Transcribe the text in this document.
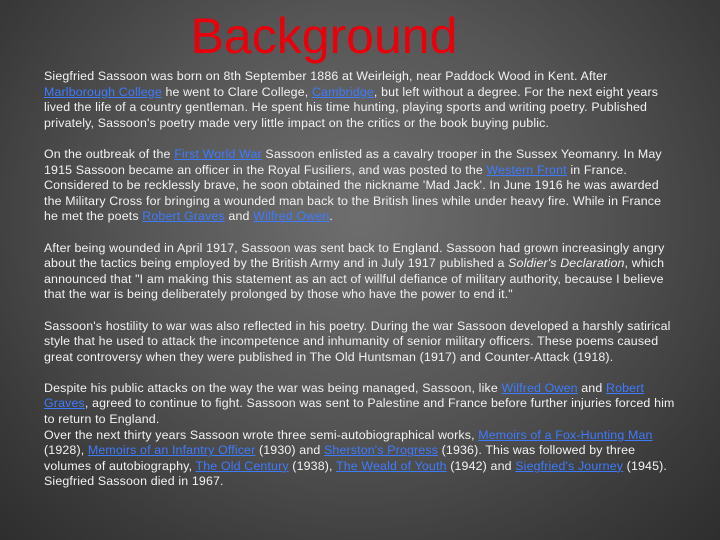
Background

Siegfried Sassoon was born on 8th September 1886 at Weirleigh, near Paddock Wood in Kent. After Marlborough College he went to Clare College, Cambridge, but left without a degree. For the next eight years lived the life of a country gentleman. He spent his time hunting, playing sports and writing poetry. Published privately, Sassoon's poetry made very little impact on the critics or the book buying public.

On the outbreak of the First World War Sassoon enlisted as a cavalry trooper in the Sussex Yeomanry. In May 1915 Sassoon became an officer in the Royal Fusiliers, and was posted to the Western Front in France. Considered to be recklessly brave, he soon obtained the nickname 'Mad Jack'. In June 1916 he was awarded the Military Cross for bringing a wounded man back to the British lines while under heavy fire. While in France he met the poets Robert Graves and Wilfred Owen.

After being wounded in April 1917, Sassoon was sent back to England. Sassoon had grown increasingly angry about the tactics being employed by the British Army and in July 1917 published a Soldier's Declaration, which announced that "I am making this statement as an act of willful defiance of military authority, because I believe that the war is being deliberately prolonged by those who have the power to end it."

Sassoon's hostility to war was also reflected in his poetry. During the war Sassoon developed a harshly satirical style that he used to attack the incompetence and inhumanity of senior military officers. These poems caused great controversy when they were published in The Old Huntsman (1917) and Counter-Attack (1918).

Despite his public attacks on the way the war was being managed, Sassoon, like Wilfred Owen and Robert Graves, agreed to continue to fight. Sassoon was sent to Palestine and France before further injuries forced him to return to England.

Over the next thirty years Sassoon wrote three semi-autobiographical works, Memoirs of a Fox-Hunting Man (1928), Memoirs of an Infantry Officer (1930) and Sherston's Progress (1936). This was followed by three volumes of autobiography, The Old Century (1938), The Weald of Youth (1942) and Siegfried's Journey (1945).

Siegfried Sassoon died in 1967.
